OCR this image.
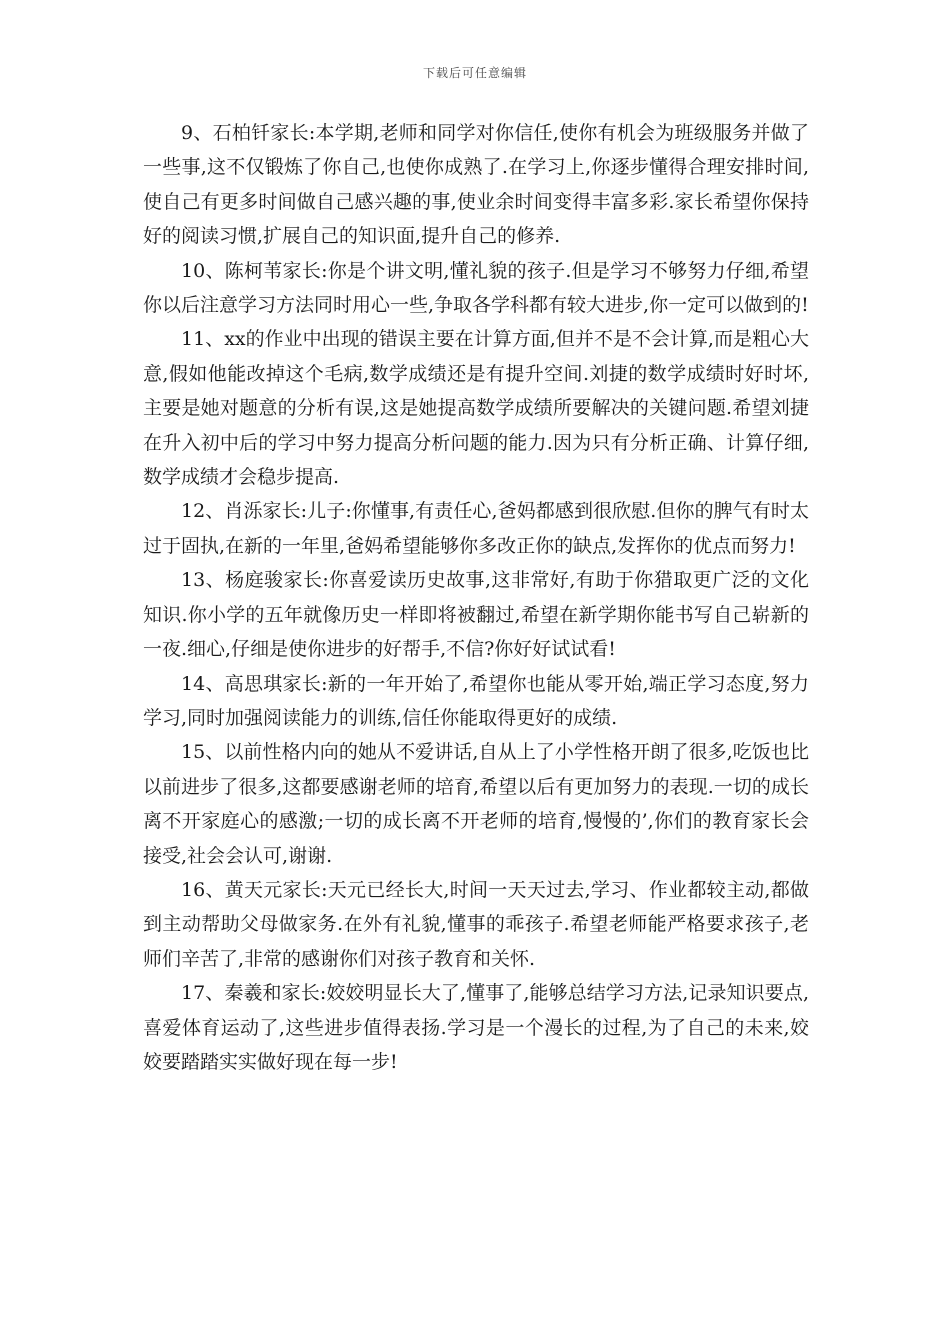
下载后可任意编辑

9、石柏钎家长:本学期,老师和同学对你信任,使你有机会为班级服务并做了一些事,这不仅锻炼了你自己,也使你成熟了.在学习上,你逐步懂得合理安排时间,使自己有更多时间做自己感兴趣的事,使业余时间变得丰富多彩.家长希望你保持好的阅读习惯,扩展自己的知识面,提升自己的修养.

10、陈柯苇家长:你是个讲文明,懂礼貌的孩子.但是学习不够努力仔细,希望你以后注意学习方法同时用心一些,争取各学科都有较大进步,你一定可以做到的!

11、xx的作业中出现的错误主要在计算方面,但并不是不会计算,而是粗心大意,假如他能改掉这个毛病,数学成绩还是有提升空间.刘捷的数学成绩时好时坏,主要是她对题意的分析有误,这是她提高数学成绩所要解决的关键问题.希望刘捷在升入初中后的学习中努力提高分析问题的能力.因为只有分析正确、计算仔细,数学成绩才会稳步提高.

12、肖泺家长:儿子:你懂事,有责任心,爸妈都感到很欣慰.但你的脾气有时太过于固执,在新的一年里,爸妈希望能够你多改正你的缺点,发挥你的优点而努力!

13、杨庭骏家长:你喜爱读历史故事,这非常好,有助于你猎取更广泛的文化知识.你小学的五年就像历史一样即将被翻过,希望在新学期你能书写自己崭新的一夜.细心,仔细是使你进步的好帮手,不信?你好好试试看!

14、高思琪家长:新的一年开始了,希望你也能从零开始,端正学习态度,努力学习,同时加强阅读能力的训练,信任你能取得更好的成绩.

15、以前性格内向的她从不爱讲话,自从上了小学性格开朗了很多,吃饭也比以前进步了很多,这都要感谢老师的培育,希望以后有更加努力的表现.一切的成长离不开家庭心的感激;一切的成长离不开老师的培育,慢慢的’,你们的教育家长会接受,社会会认可,谢谢.

16、黄天元家长:天元已经长大,时间一天天过去,学习、作业都较主动,都做到主动帮助父母做家务.在外有礼貌,懂事的乖孩子.希望老师能严格要求孩子,老师们辛苦了,非常的感谢你们对孩子教育和关怀.

17、秦羲和家长:姣姣明显长大了,懂事了,能够总结学习方法,记录知识要点,喜爱体育运动了,这些进步值得表扬.学习是一个漫长的过程,为了自己的未来,姣姣要踏踏实实做好现在每一步!
